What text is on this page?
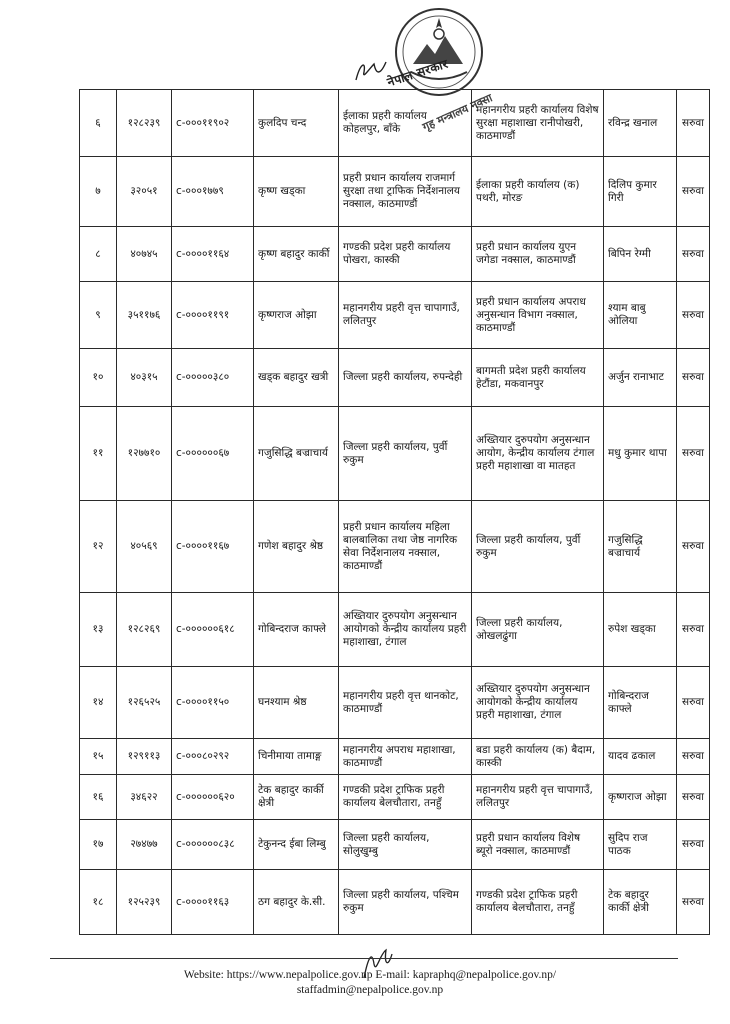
नेपाल सरकार
गृह मन्त्रालय नक्सा
६	१२८२३९	c-०००११९०२	कुलदिप चन्द	ईलाका प्रहरी कार्यालय कोहलपुर, बाँके	महानगरीय प्रहरी कार्यालय विशेष सुरक्षा महाशाखा रानीपोखरी, काठमाण्डौं	रविन्द्र खनाल	सरुवा
७	३२०५१	c-०००१७७९	कृष्ण खड्का	प्रहरी प्रधान कार्यालय राजमार्ग सुरक्षा तथा ट्राफिक निर्देशनालय नक्साल, काठमाण्डौं	ईलाका प्रहरी कार्यालय (क) पथरी, मोरङ	दिलिप कुमार गिरी	सरुवा
८	४०७४५	c-००००११६४	कृष्ण बहादुर कार्की	गण्डकी प्रदेश प्रहरी कार्यालय पोखरा, कास्की	प्रहरी प्रधान कार्यालय युएन जगेडा नक्साल, काठमाण्डौं	बिपिन रेग्मी	सरुवा
९	३५११७६	c-००००११९१	कृष्णराज ओझा	महानगरीय प्रहरी वृत्त चापागाउँ, ललितपुर	प्रहरी प्रधान कार्यालय अपराध अनुसन्धान विभाग नक्साल, काठमाण्डौं	श्याम बाबु ओलिया	सरुवा
१०	४०३१५	c-०००००३८०	खड्क बहादुर खत्री	जिल्ला प्रहरी कार्यालय, रुपन्देही	बागमती प्रदेश प्रहरी कार्यालय हेटौंडा, मकवानपुर	अर्जुन रानाभाट	सरुवा
११	१२७७१०	c-००००००६७	गजुसिद्धि बज्राचार्य	जिल्ला प्रहरी कार्यालय, पुर्वी रुकुम	अख्तियार दुरुपयोग अनुसन्धान आयोग, केन्द्रीय कार्यालय टंगाल प्रहरी महाशाखा वा मातहत	मधु कुमार थापा	सरुवा
१२	४०५६९	c-००००११६७	गणेश बहादुर श्रेष्ठ	प्रहरी प्रधान कार्यालय महिला बालबालिका तथा जेष्ठ नागरिक सेवा निर्देशनालय नक्साल, काठमाण्डौं	जिल्ला प्रहरी कार्यालय, पुर्वी रुकुम	गजुसिद्धि बज्राचार्य	सरुवा
१३	१२८२६९	c-००००००६१८	गोबिन्दराज काफ्ले	अख्तियार दुरुपयोग अनुसन्धान आयोगको केन्द्रीय कार्यालय प्रहरी महाशाखा, टंगाल	जिल्ला प्रहरी कार्यालय, ओखलढुंगा	रुपेश खड्का	सरुवा
१४	१२६५२५	c-००००११५०	घनश्याम श्रेष्ठ	महानगरीय प्रहरी वृत्त थानकोट, काठमाण्डौं	अख्तियार दुरुपयोग अनुसन्धान आयोगको केन्द्रीय कार्यालय प्रहरी महाशाखा, टंगाल	गोबिन्दराज काफ्ले	सरुवा
१५	१२९११३	c-०००८०२९२	चिनीमाया तामाङ्ग	महानगरीय अपराध महाशाखा, काठमाण्डौं	बडा प्रहरी कार्यालय (क) बैदाम, कास्की	यादव ढकाल	सरुवा
१६	३४६२२	c-००००००६२०	टेक बहादुर कार्की क्षेत्री	गण्डकी प्रदेश ट्राफिक प्रहरी कार्यालय बेलचौतारा, तनहुँ	महानगरीय प्रहरी वृत्त चापागाउँ, ललितपुर	कृष्णराज ओझा	सरुवा
१७	२७४७७	c-००००००८३८	टेकुनन्द ईबा लिम्बु	जिल्ला प्रहरी कार्यालय, सोलुखुम्बु	प्रहरी प्रधान कार्यालय विशेष ब्यूरो नक्साल, काठमाण्डौं	सुदिप राज पाठक	सरुवा
१८	१२५२३९	c-००००११६३	ठग बहादुर के.सी.	जिल्ला प्रहरी कार्यालय, पश्चिम रुकुम	गण्डकी प्रदेश ट्राफिक प्रहरी कार्यालय बेलचौतारा, तनहुँ	टेक बहादुर कार्की क्षेत्री	सरुवा
Website: https://www.nepalpolice.gov.np E-mail: kapraphq@nepalpolice.gov.np/
staffadmin@nepalpolice.gov.np
